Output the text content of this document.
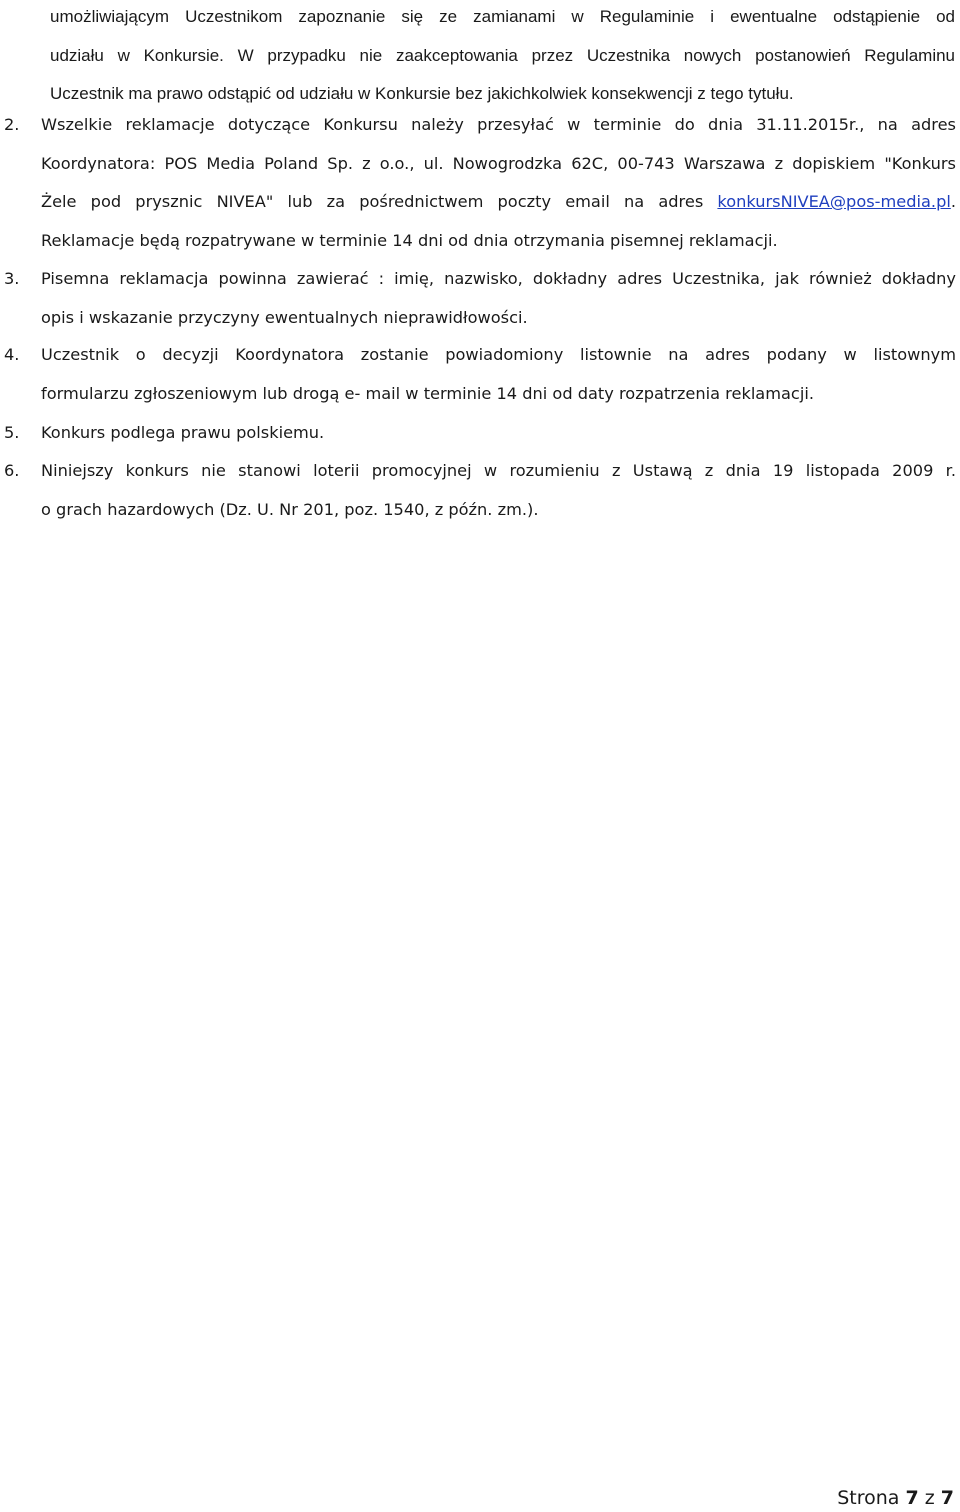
umożliwiającym Uczestnikom zapoznanie się ze zamianami w Regulaminie i ewentualne odstąpienie od
udziału w Konkursie. W przypadku nie zaakceptowania przez Uczestnika nowych postanowień Regulaminu
Uczestnik ma prawo odstąpić od udziału w Konkursie bez jakichkolwiek konsekwencji z tego tytułu.
2. Wszelkie reklamacje dotyczące Konkursu należy przesyłać w terminie do dnia 31.11.2015r., na adres
Koordynatora: POS Media Poland Sp. z o.o., ul. Nowogrodzka 62C, 00-743 Warszawa z dopiskiem "Konkurs
Żele pod prysznic NIVEA" lub za pośrednictwem poczty email na adres konkursNIVEA@pos-media.pl.
Reklamacje będą rozpatrywane w terminie 14 dni od dnia otrzymania pisemnej reklamacji.
3. Pisemna reklamacja powinna zawierać : imię, nazwisko, dokładny adres Uczestnika, jak również dokładny
opis i wskazanie przyczyny ewentualnych nieprawidłowości.
4. Uczestnik o decyzji Koordynatora zostanie powiadomiony listownie na adres podany w listownym
formularzu zgłoszeniowym lub drogą e- mail w terminie 14 dni od daty rozpatrzenia reklamacji.
5. Konkurs podlega prawu polskiemu.
6. Niniejszy konkurs nie stanowi loterii promocyjnej w rozumieniu z Ustawą z dnia 19 listopada 2009 r.
o grach hazardowych (Dz. U. Nr 201, poz. 1540, z późn. zm.).
Strona 7 z 7
